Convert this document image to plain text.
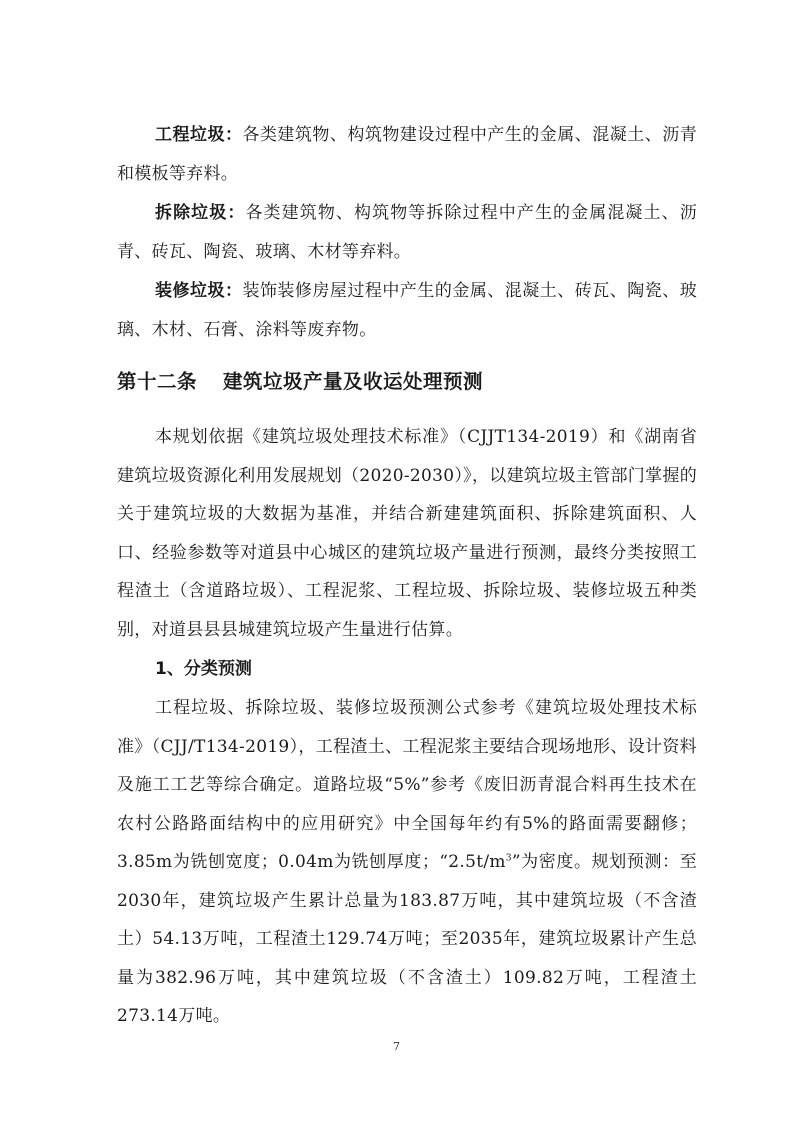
工程垃圾：各类建筑物、构筑物建设过程中产生的金属、混凝土、沥青和模板等弃料。

拆除垃圾：各类建筑物、构筑物等拆除过程中产生的金属混凝土、沥青、砖瓦、陶瓷、玻璃、木材等弃料。

装修垃圾：装饰装修房屋过程中产生的金属、混凝土、砖瓦、陶瓷、玻璃、木材、石膏、涂料等废弃物。

第十二条 建筑垃圾产量及收运处理预测

本规划依据《建筑垃圾处理技术标准》（CJJT134-2019）和《湖南省建筑垃圾资源化利用发展规划（2020-2030）》，以建筑垃圾主管部门掌握的关于建筑垃圾的大数据为基准，并结合新建建筑面积、拆除建筑面积、人口、经验参数等对道县中心城区的建筑垃圾产量进行预测，最终分类按照工程渣土（含道路垃圾）、工程泥浆、工程垃圾、拆除垃圾、装修垃圾五种类别，对道县县县城建筑垃圾产生量进行估算。

1、分类预测

工程垃圾、拆除垃圾、装修垃圾预测公式参考《建筑垃圾处理技术标准》（CJJ/T134-2019），工程渣土、工程泥浆主要结合现场地形、设计资料及施工工艺等综合确定。道路垃圾“5%”参考《废旧沥青混合料再生技术在农村公路路面结构中的应用研究》中全国每年约有5%的路面需要翻修；3.85m为铣刨宽度；0.04m为铣刨厚度；“$2.5t/m^3$”为密度。规划预测：至2030年，建筑垃圾产生累计总量为183.87万吨，其中建筑垃圾（不含渣土）54.13万吨，工程渣土129.74万吨；至2035年，建筑垃圾累计产生总量为382.96万吨，其中建筑垃圾（不含渣土）109.82万吨，工程渣土273.14万吨。

7
